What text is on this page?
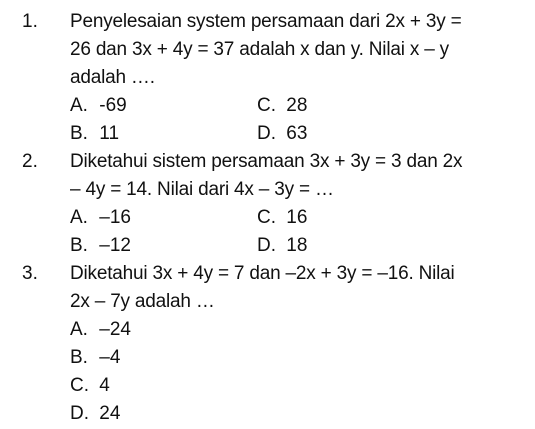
1. Penyelesaian system persamaan dari 2x + 3y =
26 dan 3x + 4y = 37 adalah x dan y. Nilai x – y
adalah ….
A. -69	C. 28
B. 11	D. 63
2. Diketahui sistem persamaan 3x + 3y = 3 dan 2x
– 4y = 14. Nilai dari 4x – 3y = …
A. –16	C. 16
B. –12	D. 18
3. Diketahui 3x + 4y = 7 dan –2x + 3y = –16. Nilai
2x – 7y adalah …
A. –24
B. –4
C. 4
D. 24
